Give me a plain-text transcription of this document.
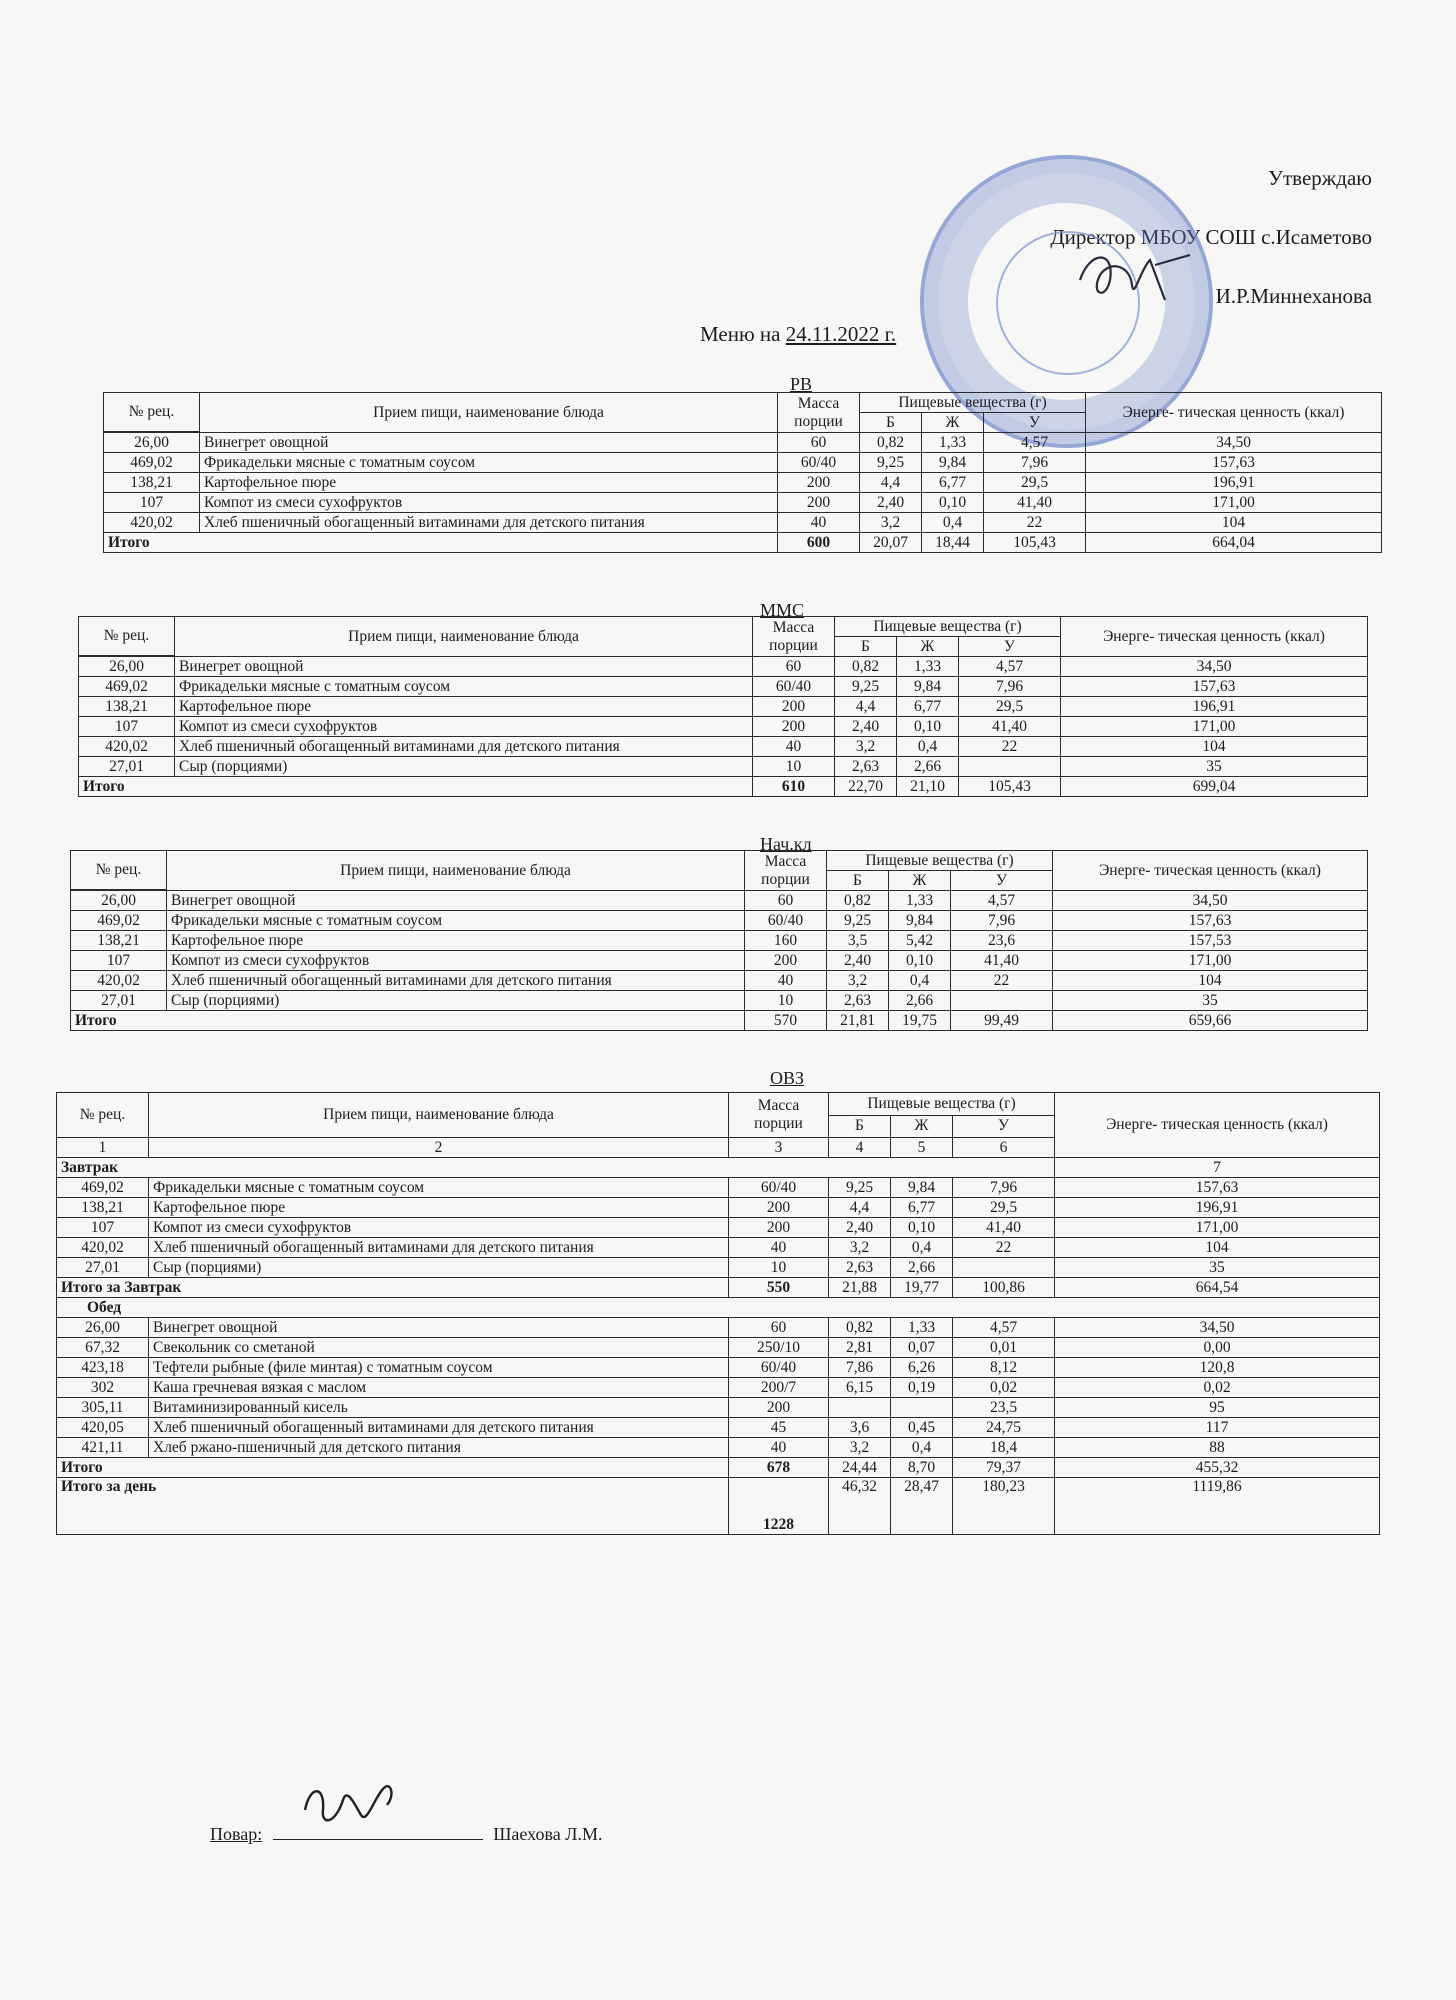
Утверждаю
Директор МБОУ СОШ с.Исаметово
И.Р.Миннеханова
Меню на 24.11.2022 г.
РВ
№ рец.	Прием пищи, наименование блюда	Масса порции	Пищевые вещества (г)			Энерге- тическая ценность (ккал)
			Б	Ж	У	

26,00	Винегрет овощной	60	0,82	1,33	4,57	34,50
469,02	Фрикадельки мясные с томатным соусом	60/40	9,25	9,84	7,96	157,63
138,21	Картофельное пюре	200	4,4	6,77	29,5	196,91
107	Компот из смеси сухофруктов	200	2,40	0,10	41,40	171,00
420,02	Хлеб пшеничный обогащенный витаминами для детского питания	40	3,2	0,4	22	104
Итого		600	20,07	18,44	105,43	664,04
ММС
№ рец.	Прием пищи, наименование блюда	Масса порции	Пищевые вещества (г)			Энерге- тическая ценность (ккал)
			Б	Ж	У	

26,00	Винегрет овощной	60	0,82	1,33	4,57	34,50
469,02	Фрикадельки мясные с томатным соусом	60/40	9,25	9,84	7,96	157,63
138,21	Картофельное пюре	200	4,4	6,77	29,5	196,91
107	Компот из смеси сухофруктов	200	2,40	0,10	41,40	171,00
420,02	Хлеб пшеничный обогащенный витаминами для детского питания	40	3,2	0,4	22	104
27,01	Сыр (порциями)	10	2,63	2,66		35
Итого		610	22,70	21,10	105,43	699,04
Нач.кл
№ рец.	Прием пищи, наименование блюда	Масса порции	Пищевые вещества (г)			Энерге- тическая ценность (ккал)
			Б	Ж	У	

26,00	Винегрет овощной	60	0,82	1,33	4,57	34,50
469,02	Фрикадельки мясные с томатным соусом	60/40	9,25	9,84	7,96	157,63
138,21	Картофельное пюре	160	3,5	5,42	23,6	157,53
107	Компот из смеси сухофруктов	200	2,40	0,10	41,40	171,00
420,02	Хлеб пшеничный обогащенный витаминами для детского питания	40	3,2	0,4	22	104
27,01	Сыр (порциями)	10	2,63	2,66		35
Итого		570	21,81	19,75	99,49	659,66
ОВЗ
№ рец.	Прием пищи, наименование блюда	Масса порции	Пищевые вещества (г)			Энерге- тическая ценность (ккал)
			Б	Ж	У	
1	2	3	4	5	6	
Завтрак						7
469,02	Фрикадельки мясные с томатным соусом	60/40	9,25	9,84	7,96	157,63
138,21	Картофельное пюре	200	4,4	6,77	29,5	196,91
107	Компот из смеси сухофруктов	200	2,40	0,10	41,40	171,00
420,02	Хлеб пшеничный обогащенный витаминами для детского питания	40	3,2	0,4	22	104
27,01	Сыр (порциями)	10	2,63	2,66		35
Итого за Завтрак		550	21,88	19,77	100,86	664,54
Обед						
26,00	Винегрет овощной	60	0,82	1,33	4,57	34,50
67,32	Свекольник со сметаной	250/10	2,81	0,07	0,01	0,00
423,18	Тефтели рыбные (филе минтая) с томатным соусом	60/40	7,86	6,26	8,12	120,8
302	Каша гречневая вязкая с маслом	200/7	6,15	0,19	0,02	0,02
305,11	Витаминизированный кисель	200			23,5	95
420,05	Хлеб пшеничный обогащенный витаминами для детского питания	45	3,6	0,45	24,75	117
421,11	Хлеб ржано-пшеничный для детского питания	40	3,2	0,4	18,4	88
Итого		678	24,44	8,70	79,37	455,32
Итого за день		1228	46,32	28,47	180,23	1119,86
Повар:	Шаехова Л.М.
